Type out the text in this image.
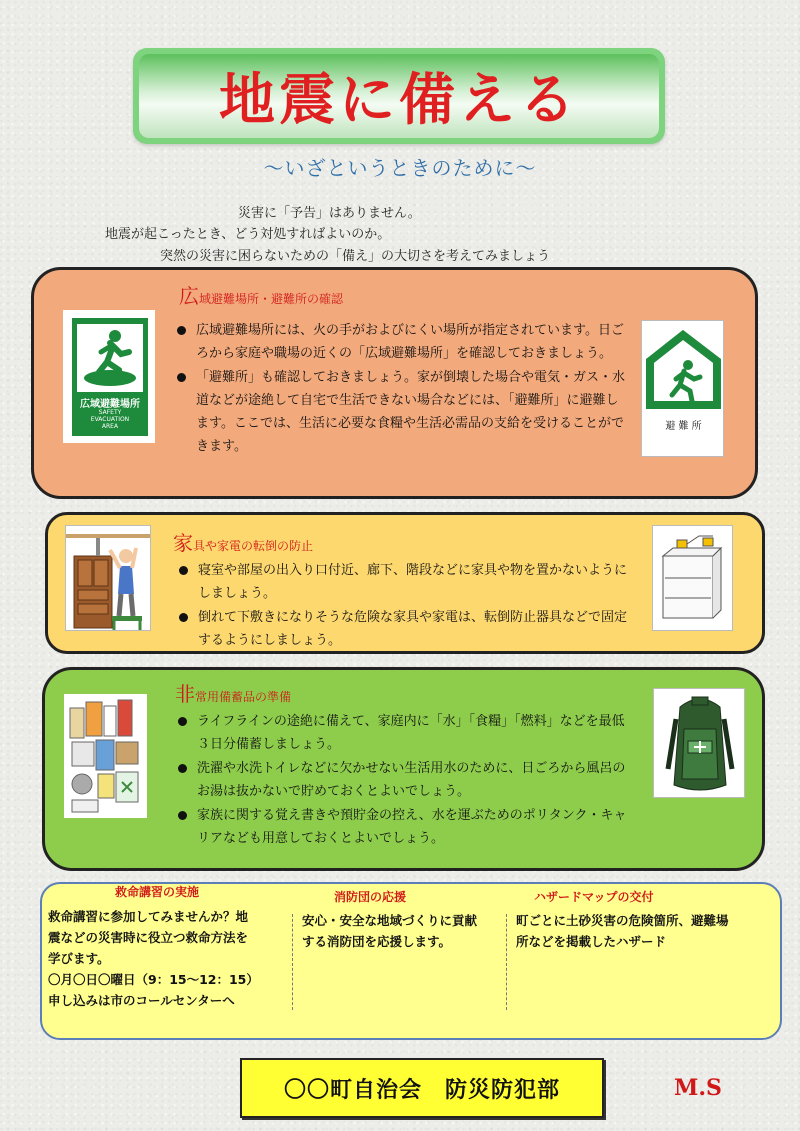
地震に備える
～いざというときのために～
災害に「予告」はありません。
地震が起こったとき、どう対処すればよいのか。
突然の災害に困らないための「備え」の大切さを考えてみましょう
広域避難場所・避難所の確認
広域避難場所
SAFETY
EVACUATION
AREA
広域避難場所には、火の手がおよびにくい場所が指定されています。日ごろから家庭や職場の近くの「広域避難場所」を確認しておきましょう。
「避難所」も確認しておきましょう。家が倒壊した場合や電気・ガス・水道などが途絶して自宅で生活できない場合などには、「避難所」に避難します。ここでは、生活に必要な食糧や生活必需品の支給を受けることができます。
避 難 所
家具や家電の転倒の防止
寝室や部屋の出入り口付近、廊下、階段などに家具や物を置かないようにしましょう。
倒れて下敷きになりそうな危険な家具や家電は、転倒防止器具などで固定するようにしましょう。
非常用備蓄品の準備
ライフラインの途絶に備えて、家庭内に「水」「食糧」「燃料」などを最低３日分備蓄しましょう。
洗濯や水洗トイレなどに欠かせない生活用水のために、日ごろから風呂のお湯は抜かないで貯めておくとよいでしょう。
家族に関する覚え書きや預貯金の控え、水を運ぶためのポリタンク・キャリアなども用意しておくとよいでしょう。
救命講習の実施
救命講習に参加してみませんか？地
震などの災害時に役立つ救命方法を
学びます。
〇月〇日〇曜日（9：15〜12：15）
申し込みは市のコールセンターへ
消防団の応援
安心・安全な地域づくりに貢献
する消防団を応援します。
ハザードマップの交付
町ごとに土砂災害の危険箇所、避難場
所などを掲載したハザード
〇〇町自治会　防災防犯部	M.S
